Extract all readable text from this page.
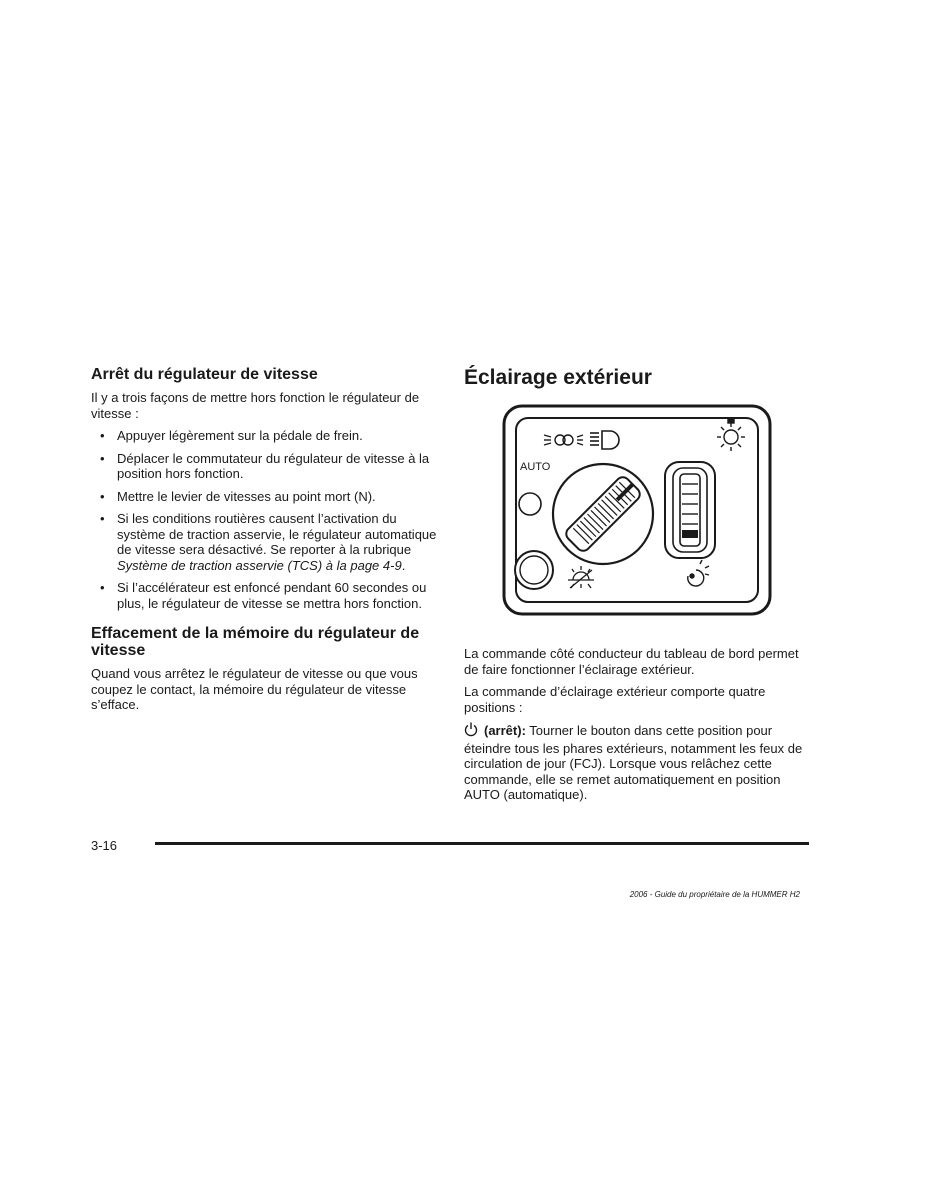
Arrêt du régulateur de vitesse

Il y a trois façons de mettre hors fonction le régulateur de vitesse :

• Appuyer légèrement sur la pédale de frein.
• Déplacer le commutateur du régulateur de vitesse à la position hors fonction.
• Mettre le levier de vitesses au point mort (N).
• Si les conditions routières causent l’activation du système de traction asservie, le régulateur automatique de vitesse sera désactivé. Se reporter à la rubrique Système de traction asservie (TCS) à la page 4-9.
• Si l’accélérateur est enfoncé pendant 60 secondes ou plus, le régulateur de vitesse se mettra hors fonction.
Effacement de la mémoire du régulateur de vitesse

Quand vous arrêtez le régulateur de vitesse ou que vous coupez le contact, la mémoire du régulateur de vitesse s’efface.

Éclairage extérieur
AUTO

La commande côté conducteur du tableau de bord permet de faire fonctionner l’éclairage extérieur.

La commande d’éclairage extérieur comporte quatre positions :

(arrêt): Tourner le bouton dans cette position pour éteindre tous les phares extérieurs, notamment les feux de circulation de jour (FCJ). Lorsque vous relâchez cette commande, elle se remet automatiquement en position AUTO (automatique).

3-16
2006 - Guide du propriétaire de la HUMMER H2
